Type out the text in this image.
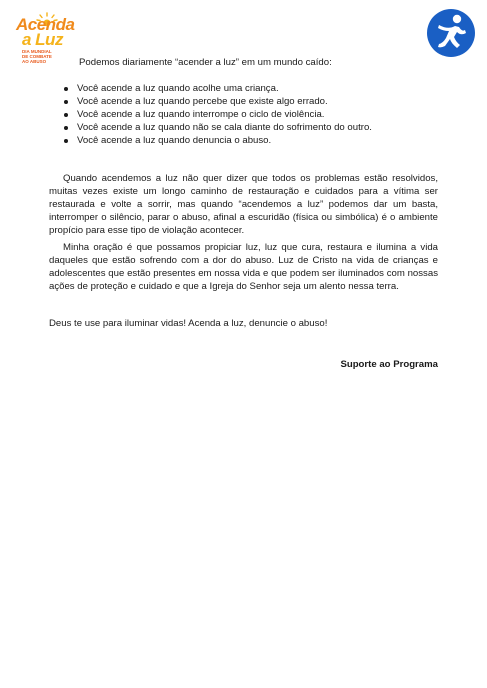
Acenda
a Luz
DIA MUNDIAL
DE COMBATE
AO ABUSO	Podemos diariamente “acender a luz” em um mundo caído:
Você acende a luz quando acolhe uma criança.
Você acende a luz quando percebe que existe algo errado.
Você acende a luz quando interrompe o ciclo de violência.
Você acende a luz quando não se cala diante do sofrimento do outro.
Você acende a luz quando denuncia o abuso.

Quando acendemos a luz não quer dizer que todos os problemas estão resolvidos, muitas vezes existe um longo caminho de restauração e cuidados para a vítima ser restaurada e volte a sorrir, mas quando “acendemos a luz” podemos dar um basta, interromper o silêncio, parar o abuso, afinal a escuridão (física ou simbólica) é o ambiente propício para esse tipo de violação acontecer.

Minha oração é que possamos propiciar luz, luz que cura, restaura e ilumina a vida daqueles que estão sofrendo com a dor do abuso. Luz de Cristo na vida de crianças e adolescentes que estão presentes em nossa vida e que podem ser iluminados com nossas ações de proteção e cuidado e que a Igreja do Senhor seja um alento nessa terra.

Deus te use para iluminar vidas! Acenda a luz, denuncie o abuso!

Suporte ao Programa
